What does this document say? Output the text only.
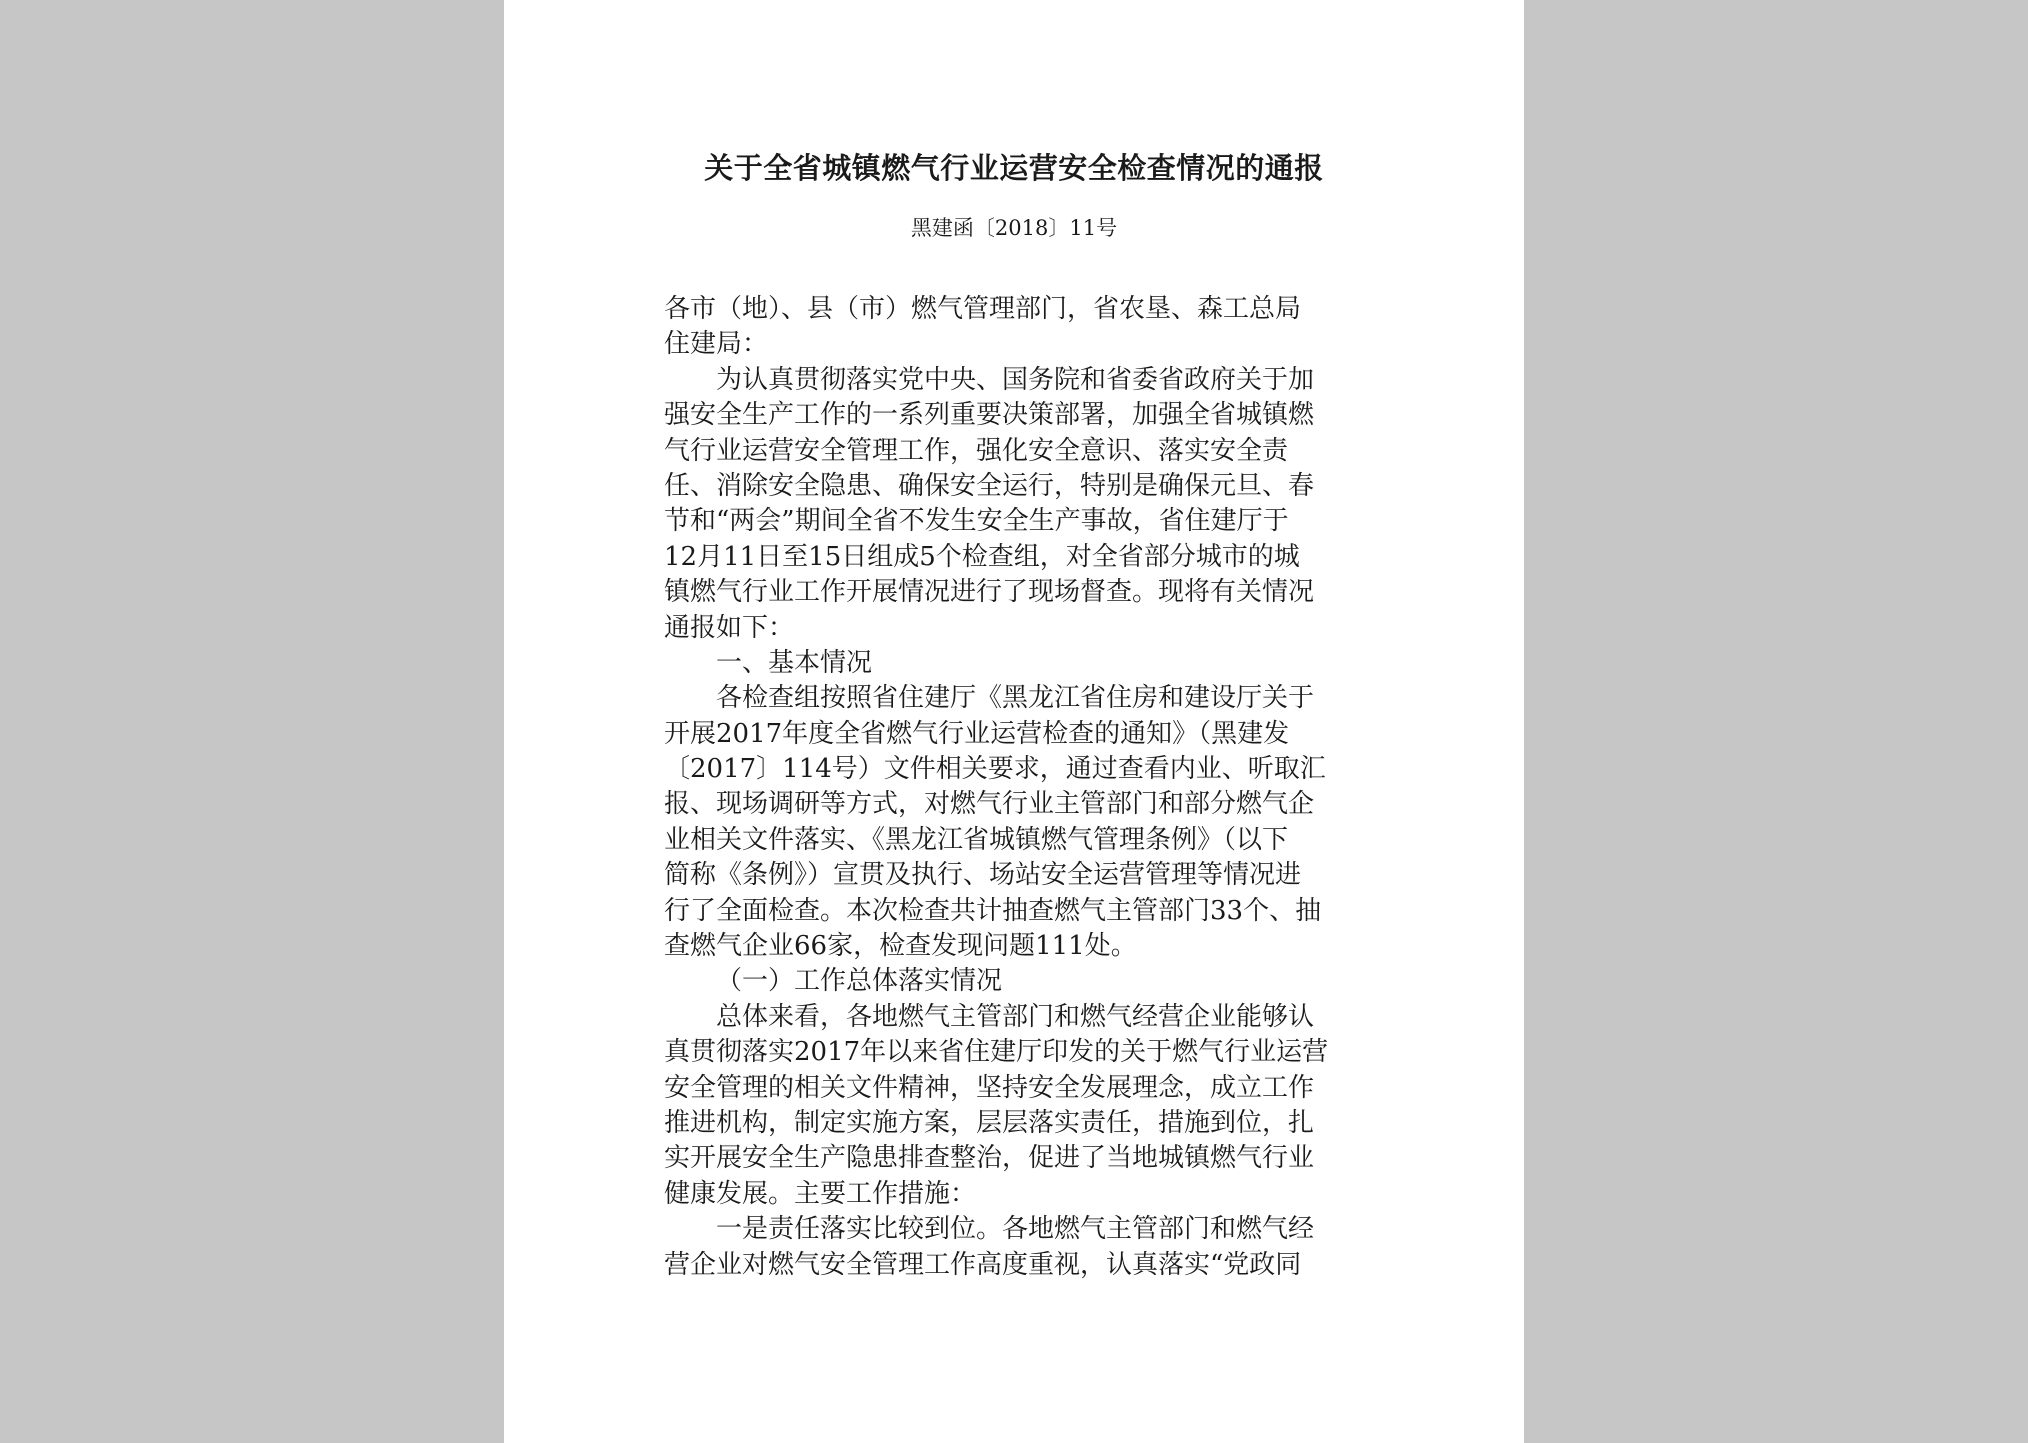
关于全省城镇燃气行业运营安全检查情况的通报
黑建函〔2018〕11号
各市（地）、县（市）燃气管理部门，省农垦、森工总局
住建局：
为认真贯彻落实党中央、国务院和省委省政府关于加
强安全生产工作的一系列重要决策部署，加强全省城镇燃
气行业运营安全管理工作，强化安全意识、落实安全责
任、消除安全隐患、确保安全运行，特别是确保元旦、春
节和“两会”期间全省不发生安全生产事故，省住建厅于
12月11日至15日组成5个检查组，对全省部分城市的城
镇燃气行业工作开展情况进行了现场督查。现将有关情况
通报如下：
一、基本情况
各检查组按照省住建厅《黑龙江省住房和建设厅关于
开展2017年度全省燃气行业运营检查的通知》（黑建发
〔2017〕114号）文件相关要求，通过查看内业、听取汇
报、现场调研等方式，对燃气行业主管部门和部分燃气企
业相关文件落实、《黑龙江省城镇燃气管理条例》（以下
简称《条例》）宣贯及执行、场站安全运营管理等情况进
行了全面检查。本次检查共计抽查燃气主管部门33个、抽
查燃气企业66家，检查发现问题111处。
（一）工作总体落实情况
总体来看，各地燃气主管部门和燃气经营企业能够认
真贯彻落实2017年以来省住建厅印发的关于燃气行业运营
安全管理的相关文件精神，坚持安全发展理念，成立工作
推进机构，制定实施方案，层层落实责任，措施到位，扎
实开展安全生产隐患排查整治，促进了当地城镇燃气行业
健康发展。主要工作措施：
一是责任落实比较到位。各地燃气主管部门和燃气经
营企业对燃气安全管理工作高度重视，认真落实“党政同
